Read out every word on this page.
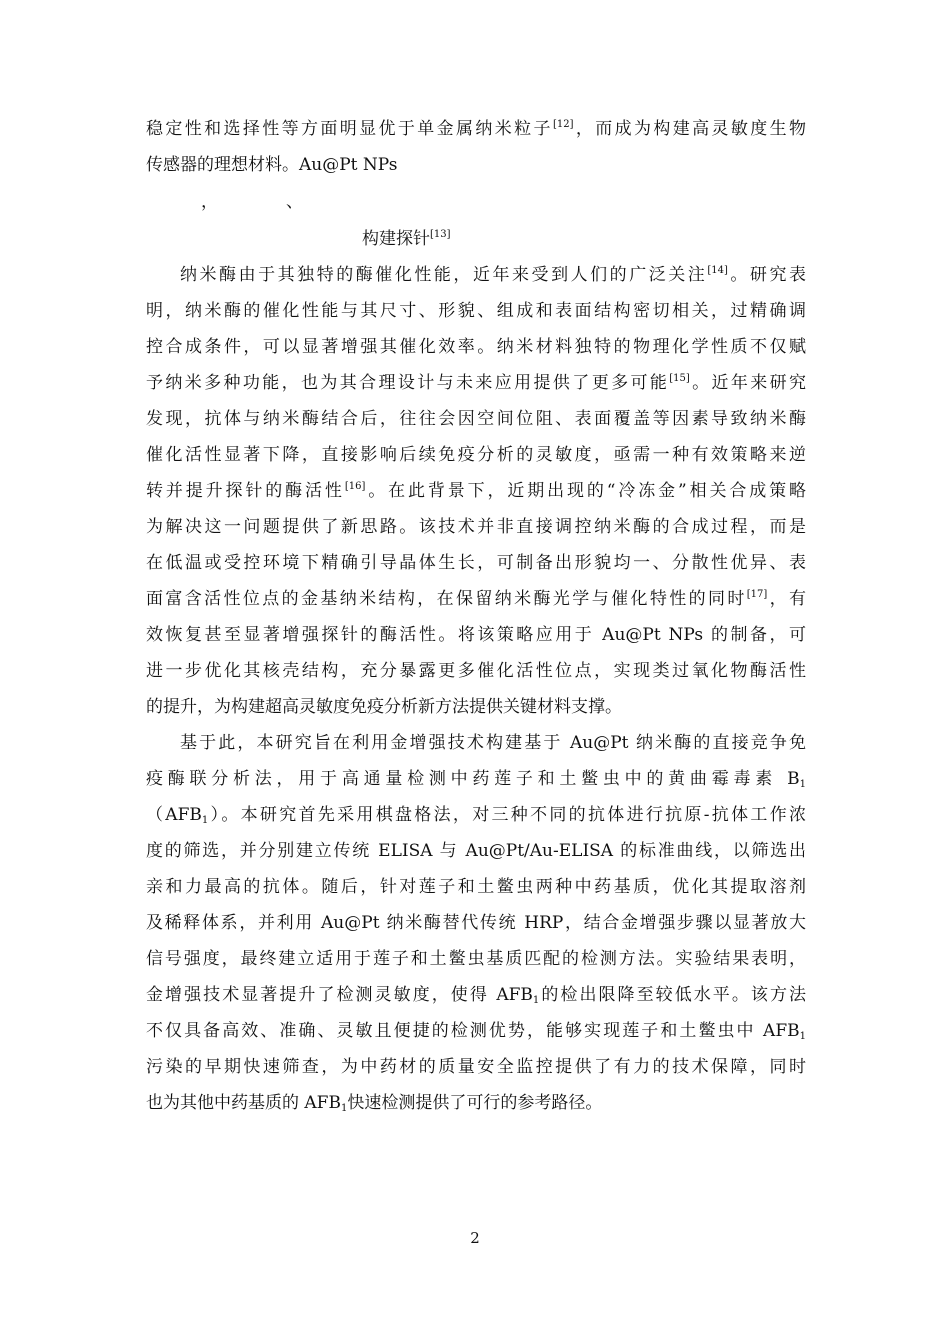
稳定性和选择性等方面明显优于单金属纳米粒子[12]，而成为构建高灵敏度生物
传感器的理想材料。Au@Pt NPs
，	、
构建探针[13]
纳米酶由于其独特的酶催化性能，近年来受到人们的广泛关注[14]。研究表
明，纳米酶的催化性能与其尺寸、形貌、组成和表面结构密切相关，过精确调
控合成条件，可以显著增强其催化效率。纳米材料独特的物理化学性质不仅赋
予纳米多种功能，也为其合理设计与未来应用提供了更多可能[15]。近年来研究
发现，抗体与纳米酶结合后，往往会因空间位阻、表面覆盖等因素导致纳米酶
催化活性显著下降，直接影响后续免疫分析的灵敏度，亟需一种有效策略来逆
转并提升探针的酶活性[16]。在此背景下，近期出现的“冷冻金”相关合成策略
为解决这一问题提供了新思路。该技术并非直接调控纳米酶的合成过程，而是
在低温或受控环境下精确引导晶体生长，可制备出形貌均一、分散性优异、表
面富含活性位点的金基纳米结构，在保留纳米酶光学与催化特性的同时[17]，有
效恢复甚至显著增强探针的酶活性。将该策略应用于 Au@Pt NPs 的制备，可
进一步优化其核壳结构，充分暴露更多催化活性位点，实现类过氧化物酶活性
的提升，为构建超高灵敏度免疫分析新方法提供关键材料支撑。
基于此，本研究旨在利用金增强技术构建基于 Au@Pt 纳米酶的直接竞争免
疫酶联分析法，用于高通量检测中药莲子和土鳖虫中的黄曲霉毒素 $B_1$
$(AFB_1)$。本研究首先采用棋盘格法，对三种不同的抗体进行抗原-抗体工作浓
度的筛选，并分别建立传统 ELISA 与 Au@Pt/Au-ELISA 的标准曲线，以筛选出
亲和力最高的抗体。随后，针对莲子和土鳖虫两种中药基质，优化其提取溶剂
及稀释体系，并利用 Au@Pt 纳米酶替代传统 HRP，结合金增强步骤以显著放大
信号强度，最终建立适用于莲子和土鳖虫基质匹配的检测方法。实验结果表明，
金增强技术显著提升了检测灵敏度，使得 $AFB_1$的检出限降至较低水平。该方法
不仅具备高效、准确、灵敏且便捷的检测优势，能够实现莲子和土鳖虫中 $AFB_1$
污染的早期快速筛查，为中药材的质量安全监控提供了有力的技术保障，同时
也为其他中药基质的 $AFB_1$快速检测提供了可行的参考路径。
2
